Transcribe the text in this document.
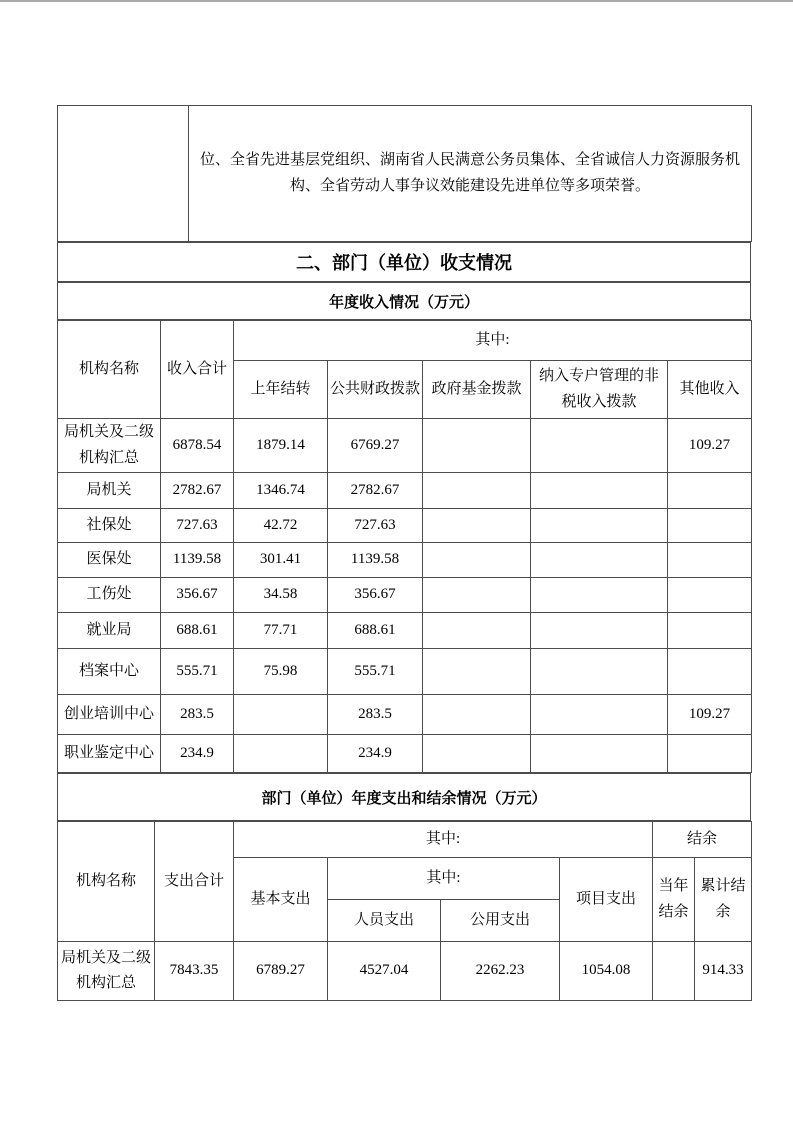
	位、全省先进基层党组织、湖南省人民满意公务员集体、全省诚信人力资源服务机构、全省劳动人事争议效能建设先进单位等多项荣誉。
二、部门（单位）收支情况
年度收入情况（万元）
机构名称	收入合计	其中:				
		上年结转	公共财政拨款	政府基金拨款	纳入专户管理的非税收入拨款	其他收入
局机关及二级机构汇总	6878.54	1879.14	6769.27			109.27
局机关	2782.67	1346.74	2782.67			
社保处	727.63	42.72	727.63			
医保处	1139.58	301.41	1139.58			
工伤处	356.67	34.58	356.67			
就业局	688.61	77.71	688.61			
档案中心	555.71	75.98	555.71			
创业培训中心	283.5		283.5			109.27
职业鉴定中心	234.9		234.9			
部门（单位）年度支出和结余情况（万元）
机构名称	支出合计	其中:				结余	
		基本支出	其中:		项目支出	当年结余	累计结余
			人员支出	公用支出			
局机关及二级机构汇总	7843.35	6789.27	4527.04	2262.23	1054.08		914.33
